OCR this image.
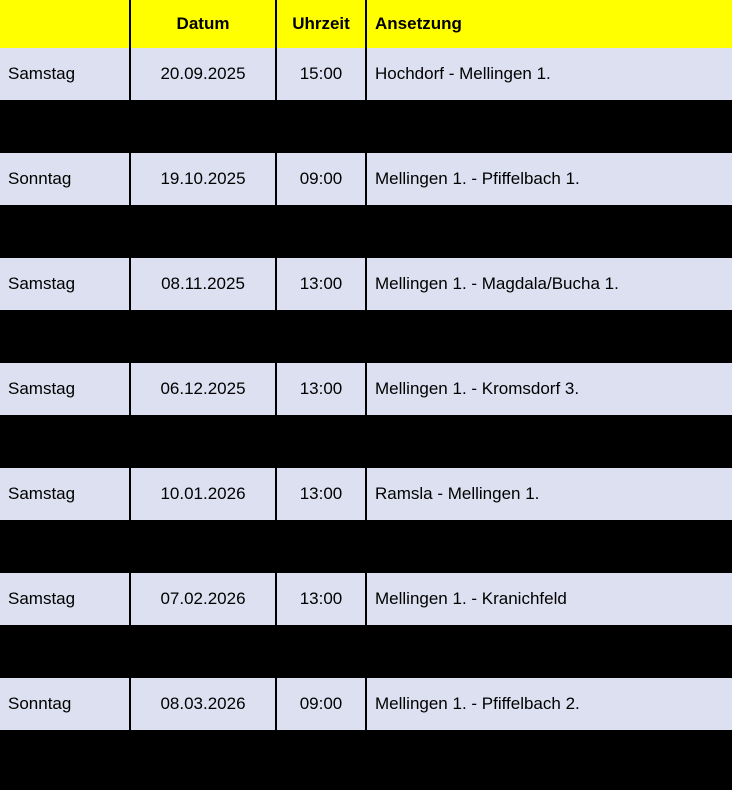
	Datum	Uhrzeit	Ansetzung
Samstag	20.09.2025	15:00	Hochdorf - Mellingen 1.

Sonntag	19.10.2025	09:00	Mellingen 1. - Pfiffelbach 1.

Samstag	08.11.2025	13:00	Mellingen 1. - Magdala/Bucha 1.

Samstag	06.12.2025	13:00	Mellingen 1. - Kromsdorf 3.

Samstag	10.01.2026	13:00	Ramsla - Mellingen 1.

Samstag	07.02.2026	13:00	Mellingen 1. - Kranichfeld

Sonntag	08.03.2026	09:00	Mellingen 1. - Pfiffelbach 2.
